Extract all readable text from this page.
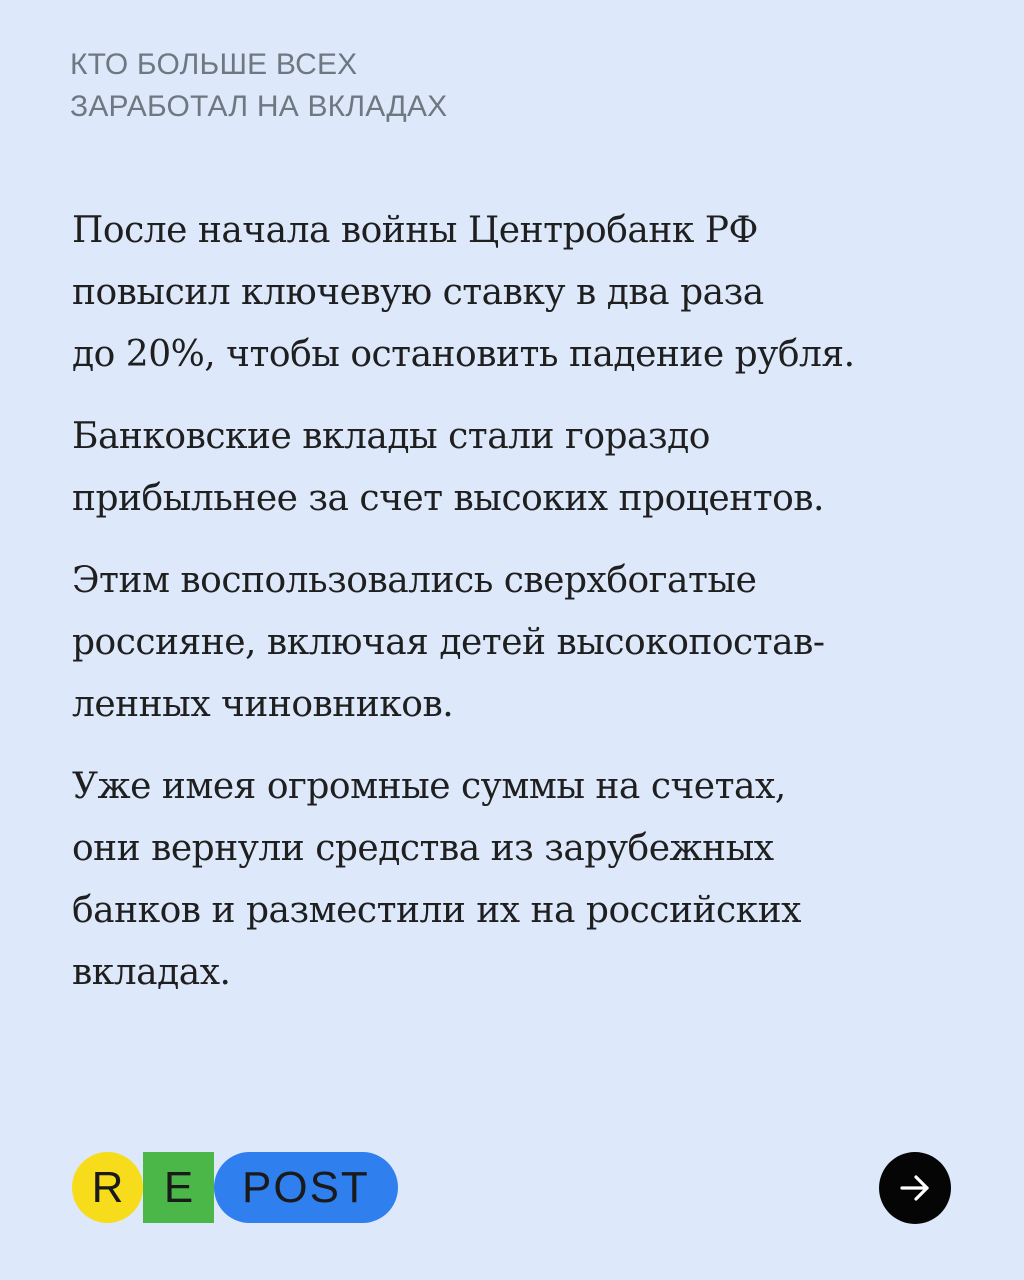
КТО БОЛЬШЕ ВСЕХ
ЗАРАБОТАЛ НА ВКЛАДАХ

После начала войны Центробанк РФ
повысил ключевую ставку в два раза
до 20%, чтобы остановить падение рубля.

Банковские вклады стали гораздо
прибыльнее за счет высоких процентов.

Этим воспользовались сверхбогатые
россияне, включая детей высокопостав-
ленных чиновников.

Уже имея огромные суммы на счетах,
они вернули средства из зарубежных
банков и разместили их на российских
вкладах.

R E POST
